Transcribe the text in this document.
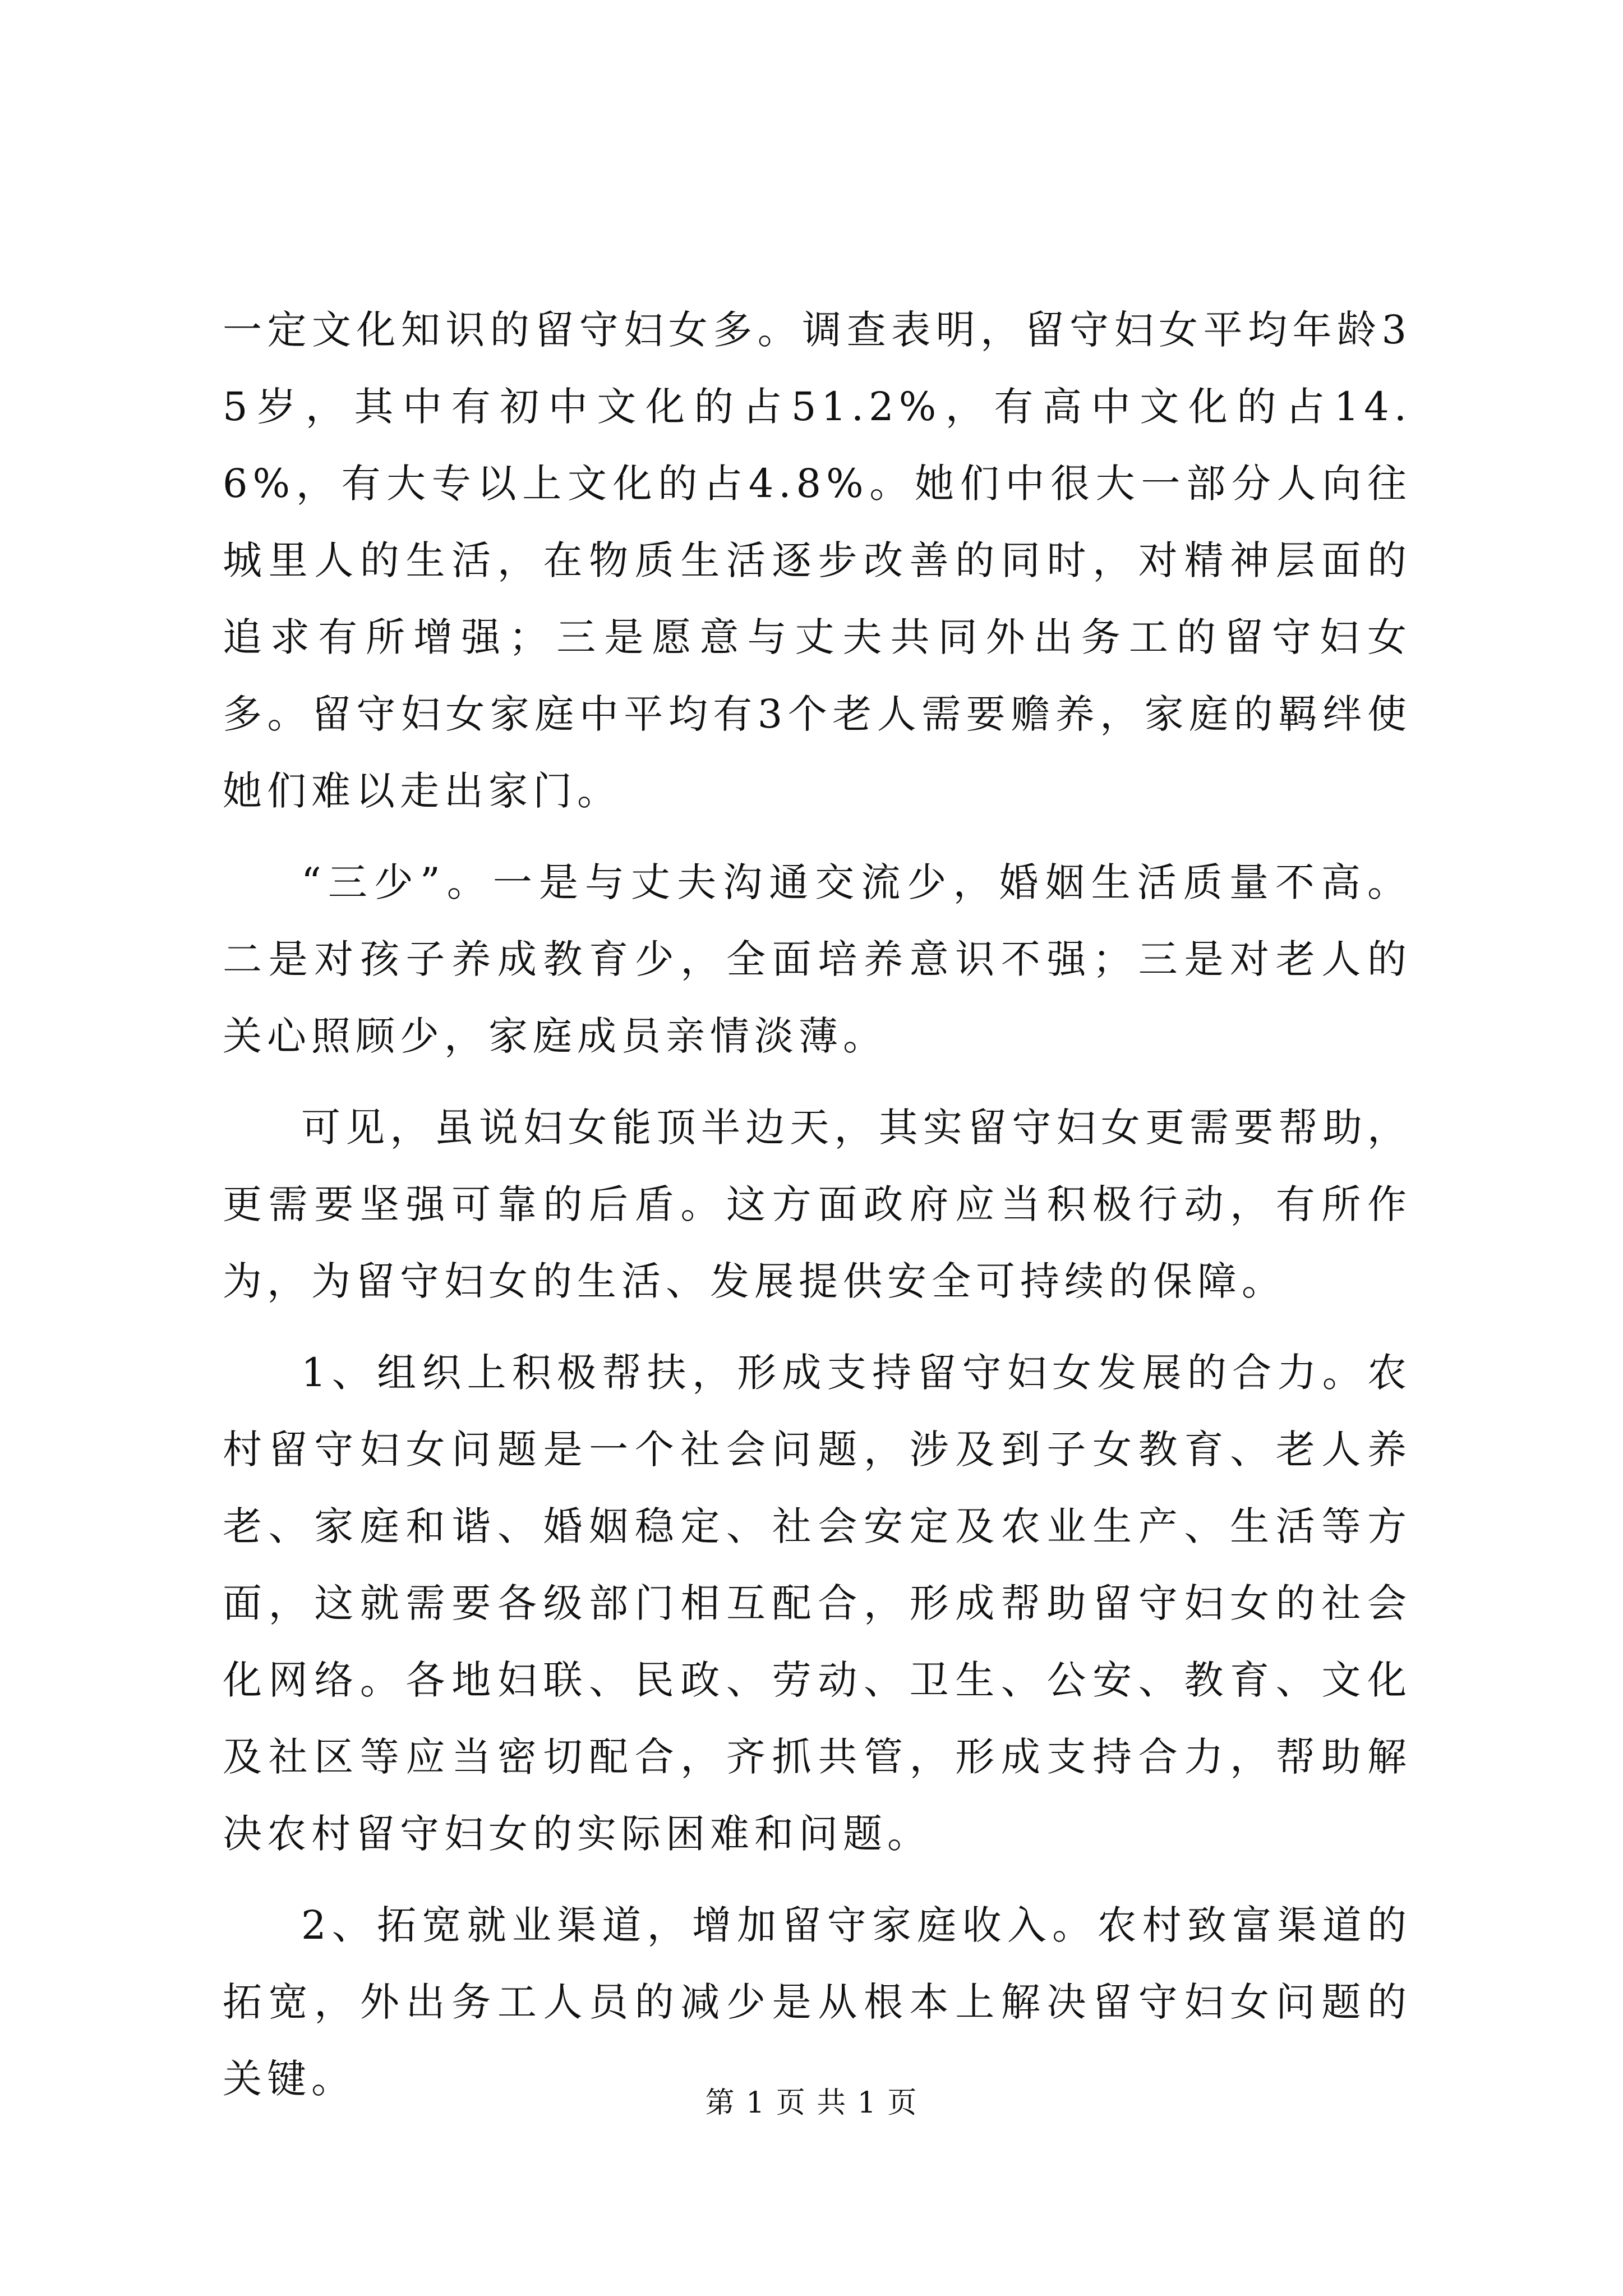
一定文化知识的留守妇女多。调查表明，留守妇女平均年龄35岁，其中有初中文化的占51.2%，有高中文化的占14.6%，有大专以上文化的占4.8%。她们中很大一部分人向往城里人的生活，在物质生活逐步改善的同时，对精神层面的追求有所增强；三是愿意与丈夫共同外出务工的留守妇女多。留守妇女家庭中平均有3个老人需要赡养，家庭的羁绊使她们难以走出家门。

“三少”。一是与丈夫沟通交流少，婚姻生活质量不高。二是对孩子养成教育少，全面培养意识不强；三是对老人的关心照顾少，家庭成员亲情淡薄。

可见，虽说妇女能顶半边天，其实留守妇女更需要帮助，更需要坚强可靠的后盾。这方面政府应当积极行动，有所作为，为留守妇女的生活、发展提供安全可持续的保障。

1、组织上积极帮扶，形成支持留守妇女发展的合力。农村留守妇女问题是一个社会问题，涉及到子女教育、老人养老、家庭和谐、婚姻稳定、社会安定及农业生产、生活等方面，这就需要各级部门相互配合，形成帮助留守妇女的社会化网络。各地妇联、民政、劳动、卫生、公安、教育、文化及社区等应当密切配合，齐抓共管，形成支持合力，帮助解决农村留守妇女的实际困难和问题。

2、拓宽就业渠道，增加留守家庭收入。农村致富渠道的拓宽，外出务工人员的减少是从根本上解决留守妇女问题的关键。

第 1 页 共 1 页
